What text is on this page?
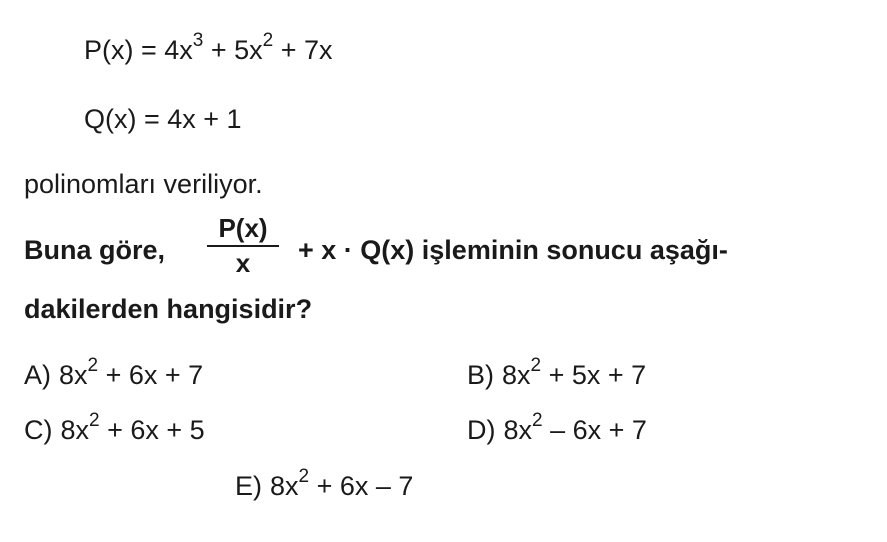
$P(x) = 4x^3 + 5x^2 + 7x$
Q(x) = 4x + 1
polinomları veriliyor.
Buna göre,
P(x)
x	+ x · Q(x) işleminin sonucu aşağı-
dakilerden hangisidir?
A) $8x^2 + 6x + 7$	B) $8x^2 + 5x + 7$
C) $8x^2 + 6x + 5$	D) $8x^2 - 6x + 7$
E) $8x^2 + 6x - 7$
